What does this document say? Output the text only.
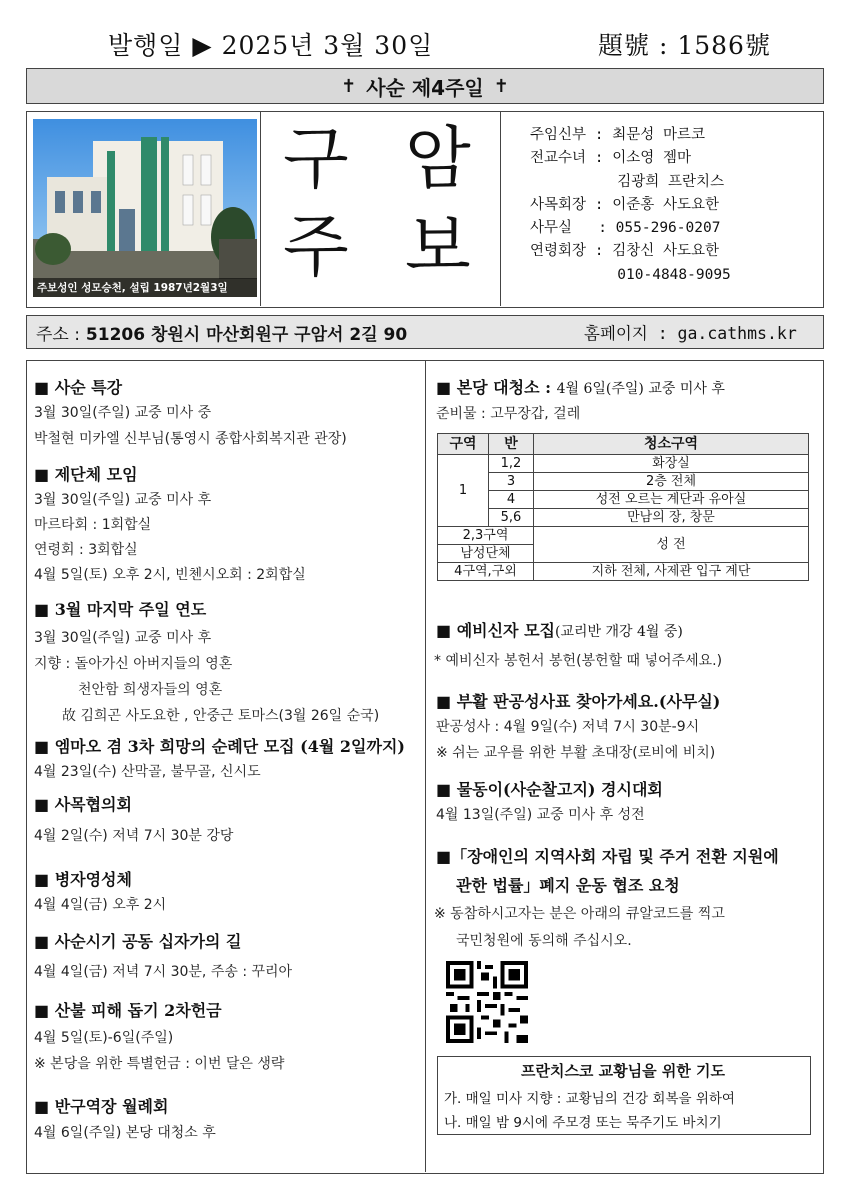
발행일 ▶ 2025년 3월 30일	題號 : 1586號
✝ 사순 제4주일 ✝
주보성인 성모승천, 설립 1987년2월3일
구 암
주 보
주임신부 : 최문성 마르코
전교수녀 : 이소영 젬마
김광희 프란치스
사목회장 : 이준홍 사도요한
사무실   : 055-296-0207
연령회장 : 김창신 사도요한
010-4848-9095
주소 : 51206 창원시 마산회원구 구암서 2길 90	홈페이지 : ga.cathms.kr
■ 사순 특강
3월 30일(주일) 교중 미사 중
박철현 미카엘 신부님(통영시 종합사회복지관 관장)
■ 제단체 모임
3월 30일(주일) 교중 미사 후
마르타회 : 1회합실
연령회 : 3회합실
4월 5일(토) 오후 2시, 빈첸시오회 : 2회합실
■ 3월 마지막 주일 연도
3월 30일(주일) 교중 미사 후
지향 : 돌아가신 아버지들의 영혼
천안함 희생자들의 영혼
故 김희곤 사도요한 , 안중근 토마스(3월 26일 순국)
■ 엠마오 겸 3차 희망의 순례단 모집 (4월 2일까지)
4월 23일(수) 산막골, 불무골, 신시도
■ 사목협의회
4월 2일(수) 저녁 7시 30분 강당
■ 병자영성체
4월 4일(금) 오후 2시
■ 사순시기 공동 십자가의 길
4월 4일(금) 저녁 7시 30분, 주송 : 꾸리아
■ 산불 피해 돕기 2차헌금
4월 5일(토)-6일(주일)
※ 본당을 위한 특별헌금 : 이번 달은 생략
■ 반구역장 월례회
4월 6일(주일) 본당 대청소 후
■ 본당 대청소 : 4월 6일(주일) 교중 미사 후
준비물 : 고무장갑, 걸레
구역	반	청소구역
1	1,2	화장실
	3	2층 전체
	4	성전 오르는 계단과 유아실
	5,6	만남의 장, 창문
2,3구역		성 전
남성단체		
4구역,구외		지하 전체, 사제관 입구 계단
■ 예비신자 모집(교리반 개강 4월 중)
* 예비신자 봉헌서 봉헌(봉헌할 때 넣어주세요.)
■ 부활 판공성사표 찾아가세요.(사무실)
판공성사 : 4월 9일(수) 저녁 7시 30분-9시
※ 쉬는 교우를 위한 부활 초대장(로비에 비치)
■ 물동이(사순찰고지) 경시대회
4월 13일(주일) 교중 미사 후 성전
■「장애인의 지역사회 자립 및 주거 전환 지원에
관한 법률」폐지 운동 협조 요청
※ 동참하시고자는 분은 아래의 큐알코드를 찍고
국민청원에 동의해 주십시오.
프란치스코 교황님을 위한 기도
가. 매일 미사 지향 : 교황님의 건강 회복을 위하여
나. 매일 밤 9시에 주모경 또는 묵주기도 바치기
